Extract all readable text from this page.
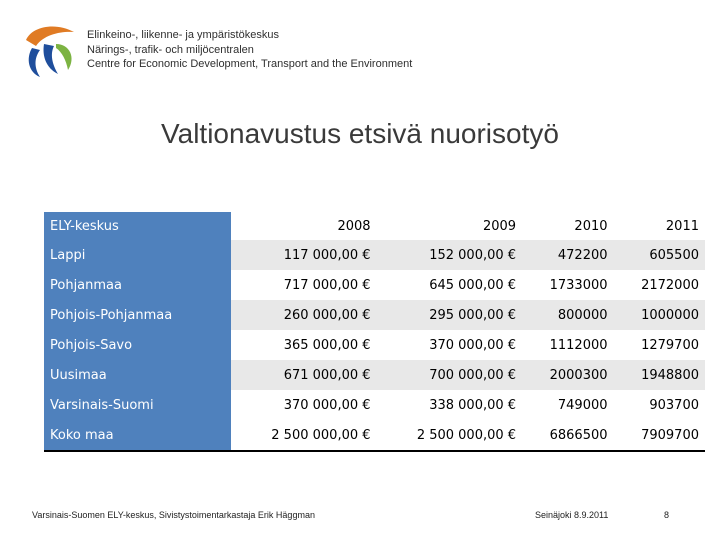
Elinkeino-, liikenne- ja ympäristökeskus
Närings-, trafik- och miljöcentralen
Centre for Economic Development, Transport and the Environment
Valtionavustus etsivä nuorisotyö
ELY-keskus	2008	2009	2010	2011
Lappi	117 000,00 €	152 000,00 €	472200	605500
Pohjanmaa	717 000,00 €	645 000,00 €	1733000	2172000
Pohjois-Pohjanmaa	260 000,00 €	295 000,00 €	800000	1000000
Pohjois-Savo	365 000,00 €	370 000,00 €	1112000	1279700
Uusimaa	671 000,00 €	700 000,00 €	2000300	1948800
Varsinais-Suomi	370 000,00 €	338 000,00 €	749000	903700
Koko maa	2 500 000,00 €	2 500 000,00 €	6866500	7909700
Varsinais-Suomen ELY-keskus, Sivistystoimentarkastaja Erik Häggman	Seinäjoki 8.9.2011	8
